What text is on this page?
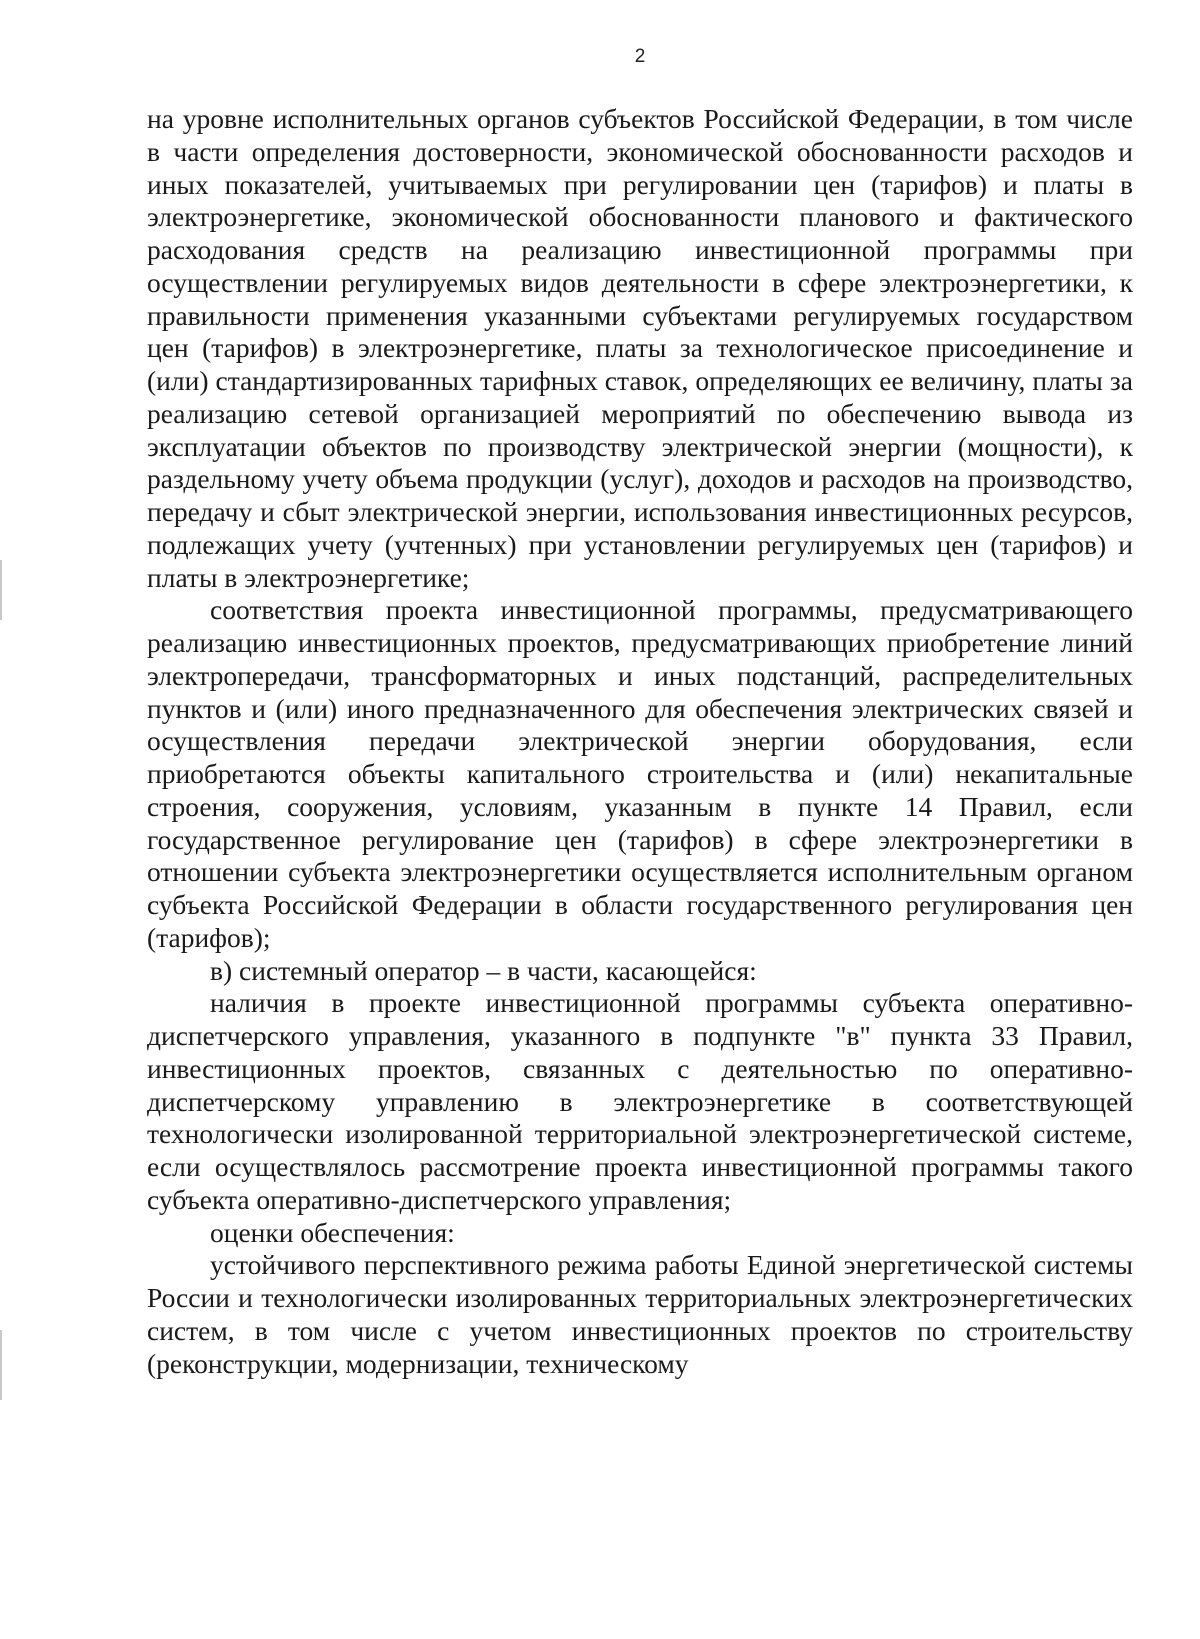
2

на уровне исполнительных органов субъектов Российской Федерации, в том числе в части определения достоверности, экономической обоснованности расходов и иных показателей, учитываемых при регулировании цен (тарифов) и платы в электроэнергетике, экономической обоснованности планового и фактического расходования средств на реализацию инвестиционной программы при осуществлении регулируемых видов деятельности в сфере электроэнергетики, к правильности применения указанными субъектами регулируемых государством цен (тарифов) в электроэнергетике, платы за технологическое присоединение и (или) стандартизированных тарифных ставок, определяющих ее величину, платы за реализацию сетевой организацией мероприятий по обеспечению вывода из эксплуатации объектов по производству электрической энергии (мощности), к раздельному учету объема продукции (услуг), доходов и расходов на производство, передачу и сбыт электрической энергии, использования инвестиционных ресурсов, подлежащих учету (учтенных) при установлении регулируемых цен (тарифов) и платы в электроэнергетике;

соответствия проекта инвестиционной программы, предусматривающего реализацию инвестиционных проектов, предусматривающих приобретение линий электропередачи, трансформаторных и иных подстанций, распределительных пунктов и (или) иного предназначенного для обеспечения электрических связей и осуществления передачи электрической энергии оборудования, если приобретаются объекты капитального строительства и (или) некапитальные строения, сооружения, условиям, указанным в пункте 14 Правил, если государственное регулирование цен (тарифов) в сфере электроэнергетики в отношении субъекта электроэнергетики осуществляется исполнительным органом субъекта Российской Федерации в области государственного регулирования цен (тарифов);

в) системный оператор – в части, касающейся:

наличия в проекте инвестиционной программы субъекта оперативно-диспетчерского управления, указанного в подпункте "в" пункта 33 Правил, инвестиционных проектов, связанных с деятельностью по оперативно-диспетчерскому управлению в электроэнергетике в соответствующей технологически изолированной территориальной электроэнергетической системе, если осуществлялось рассмотрение проекта инвестиционной программы такого субъекта оперативно-диспетчерского управления;

оценки обеспечения:

устойчивого перспективного режима работы Единой энергетической системы России и технологически изолированных территориальных электроэнергетических систем, в том числе с учетом инвестиционных проектов по строительству (реконструкции, модернизации, техническому
